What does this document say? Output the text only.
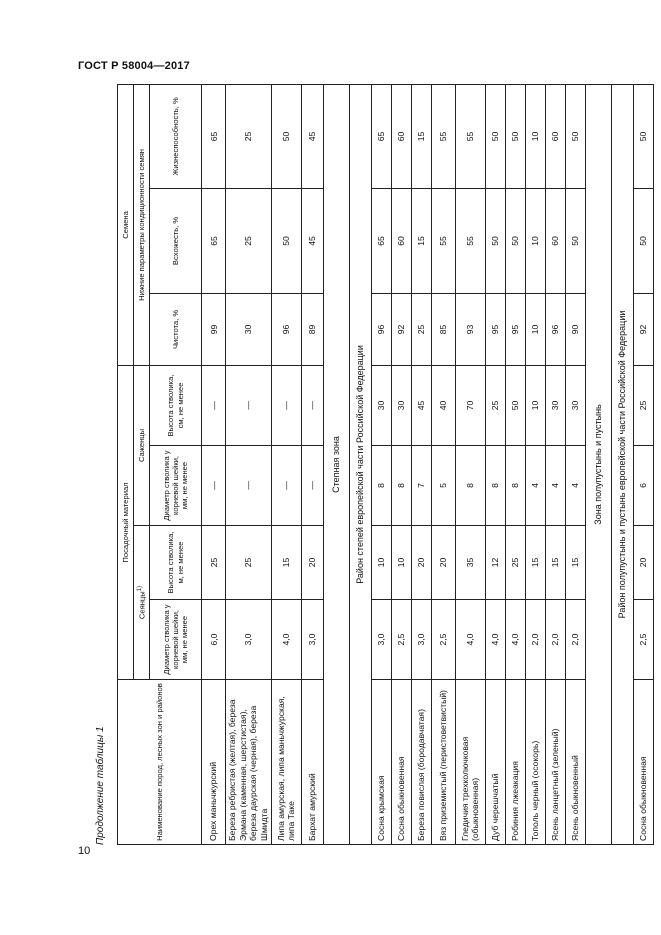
ГОСТ Р 58004—2017
Продолжение таблицы 1	Наименование пород, лесных зон и районов	Посадочный материал				Семена		
	Сеянцы$^{1)}$		Саженцы		Нижние параметры кондиционности семян		
	Диаметр стволика у корневой шейки, мм, не менее	Высота стволика, м, не менее	Диаметр стволика у корневой шейки, мм, не менее	Высота стволика, см, не менее	Чистота, %	Всхожесть, %	Жизнеспособность, %
Орех маньчжурский	6,0	25	—	—	99	65	65
Береза ребристая (желтая), береза Эрмана (каменная, шерстистая), береза даурская (черная), береза Шмидта	3,0	25	—	—	30	25	25
Липа амурская, липа маньчжурская, липа Таке	4,0	15	—	—	96	50	50
Бархат амурский	3,0	20	—	—	89	45	45
Степная зона							
Район степей европейской части Российской Федерации							
Сосна крымская	3,0	10	8	30	96	65	65
Сосна обыкновенная	2,5	10	8	30	92	60	60
Береза повислая (бородавчатая)	3,0	20	7	45	25	15	15
Вяз приземистый (перистоветвистый)	2,5	20	5	40	85	55	55
Гледичия трехколючковая (обыкновенная)	4,0	35	8	70	93	55	55
Дуб черешчатый	4,0	12	8	25	95	50	50
Робиния лжеакация	4,0	25	8	50	95	50	50
Тополь черный (осокорь)	2,0	15	4	10	10	10	10
Ясень ланцетный (зеленый)	2,0	15	4	30	96	60	60
Ясень обыкновенный	2,0	15	4	30	90	50	50
Зона полупустынь и пустынь							
Район полупустынь и пустынь европейской части Российской Федерации							
Сосна обыкновенная	2,5	20	6	25	92	50	50
10
